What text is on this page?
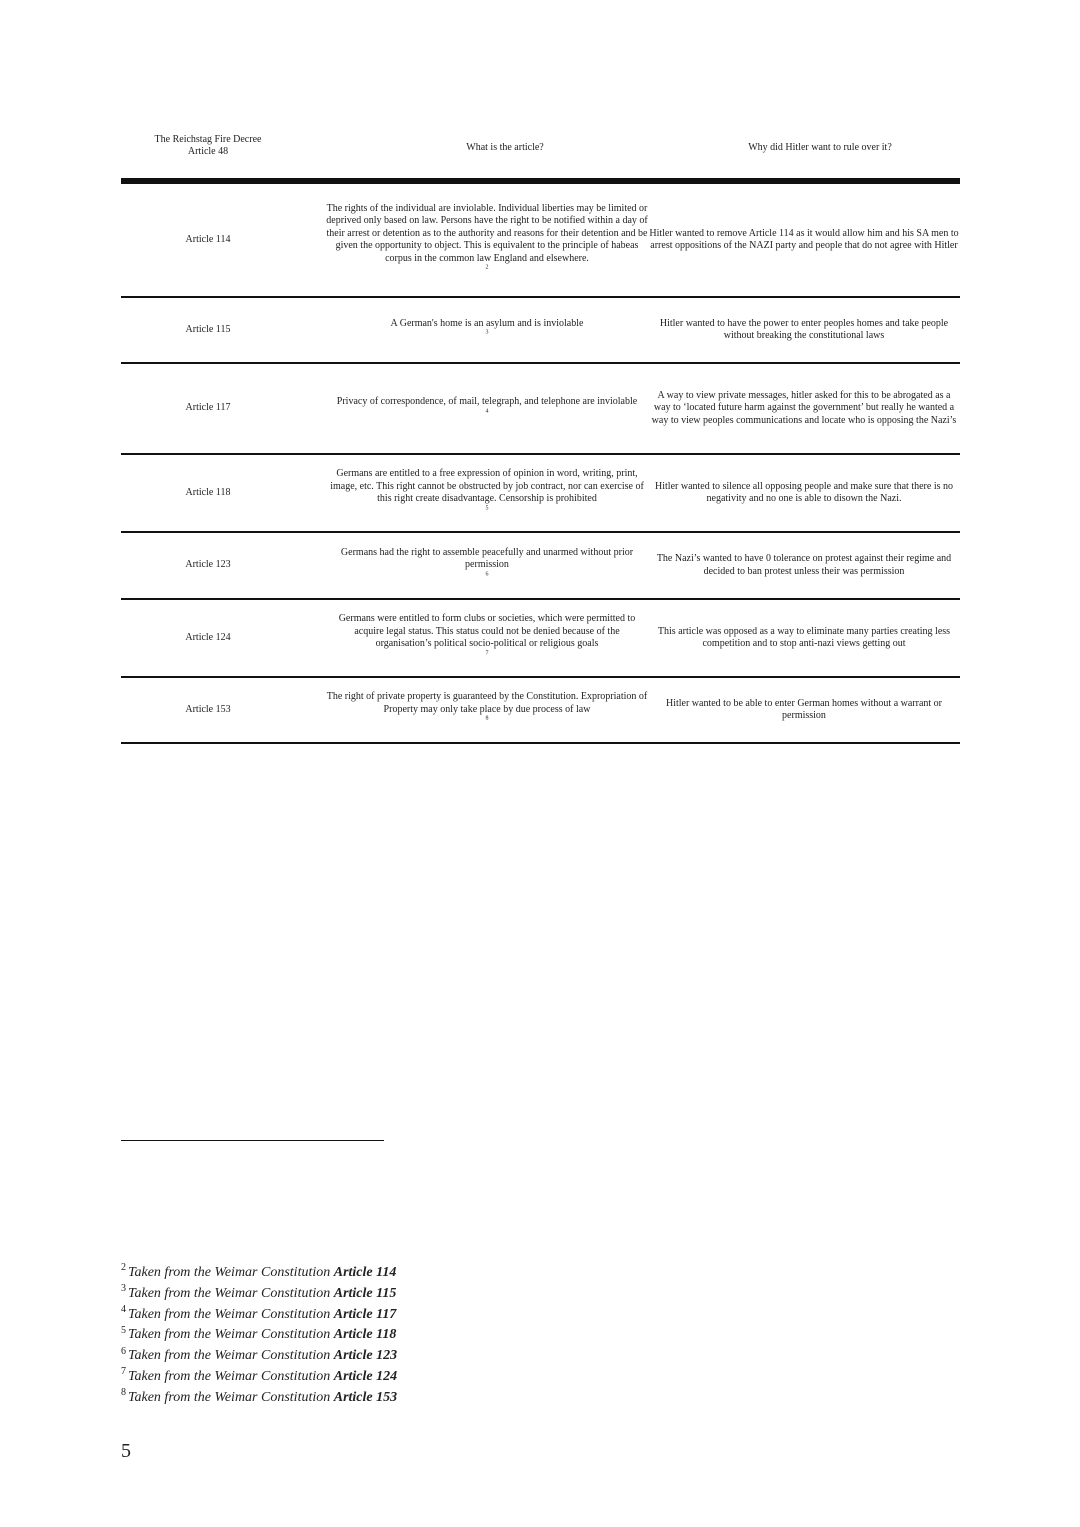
The Reichstag Fire Decree
Article 48	What is the article?	Why did Hitler want to rule over it?
Article 114
The rights of the individual are inviolable. Individual liberties may be limited or deprived only based on law. Persons have the right to be notified within a day of their arrest or detention as to the authority and reasons for their detention and be given the opportunity to object. This is equivalent to the principle of habeas corpus in the common law England and elsewhere.
$^2$
Hitler wanted to remove Article 114 as it would allow him and his SA men to arrest oppositions of the NAZI party and people that do not agree with Hitler
Article 115
A German's home is an asylum and is inviolable
$^3$
Hitler wanted to have the power to enter peoples homes and take people without breaking the constitutional laws
Article 117
Privacy of correspondence, of mail, telegraph, and telephone are inviolable
$^4$
A way to view private messages, hitler asked for this to be abrogated as a way to ‘located future harm against the government’ but really he wanted a way to view peoples communications and locate who is opposing the Nazi’s
Article 118
Germans are entitled to a free expression of opinion in word, writing, print, image, etc. This right cannot be obstructed by job contract, nor can exercise of this right create disadvantage. Censorship is prohibited
$^5$
Hitler wanted to silence all opposing people and make sure that there is no negativity and no one is able to disown the Nazi.
Article 123
Germans had the right to assemble peacefully and unarmed without prior permission
$^6$
The Nazi’s wanted to have 0 tolerance on protest against their regime and decided to ban protest unless their was permission
Article 124
Germans were entitled to form clubs or societies, which were permitted to acquire legal status. This status could not be denied because of the organisation’s political socio-political or religious goals
$^7$
This article was opposed as a way to eliminate many parties creating less competition and to stop anti-nazi views getting out
Article 153
The right of private property is guaranteed by the Constitution. Expropriation of Property may only take place by due process of law
$^8$
Hitler wanted to be able to enter German homes without a warrant or permission
$^2$ Taken from the Weimar Constitution Article 114
$^3$ Taken from the Weimar Constitution Article 115
$^4$ Taken from the Weimar Constitution Article 117
$^5$ Taken from the Weimar Constitution Article 118
$^6$ Taken from the Weimar Constitution Article 123
$^7$ Taken from the Weimar Constitution Article 124
$^8$ Taken from the Weimar Constitution Article 153
5
